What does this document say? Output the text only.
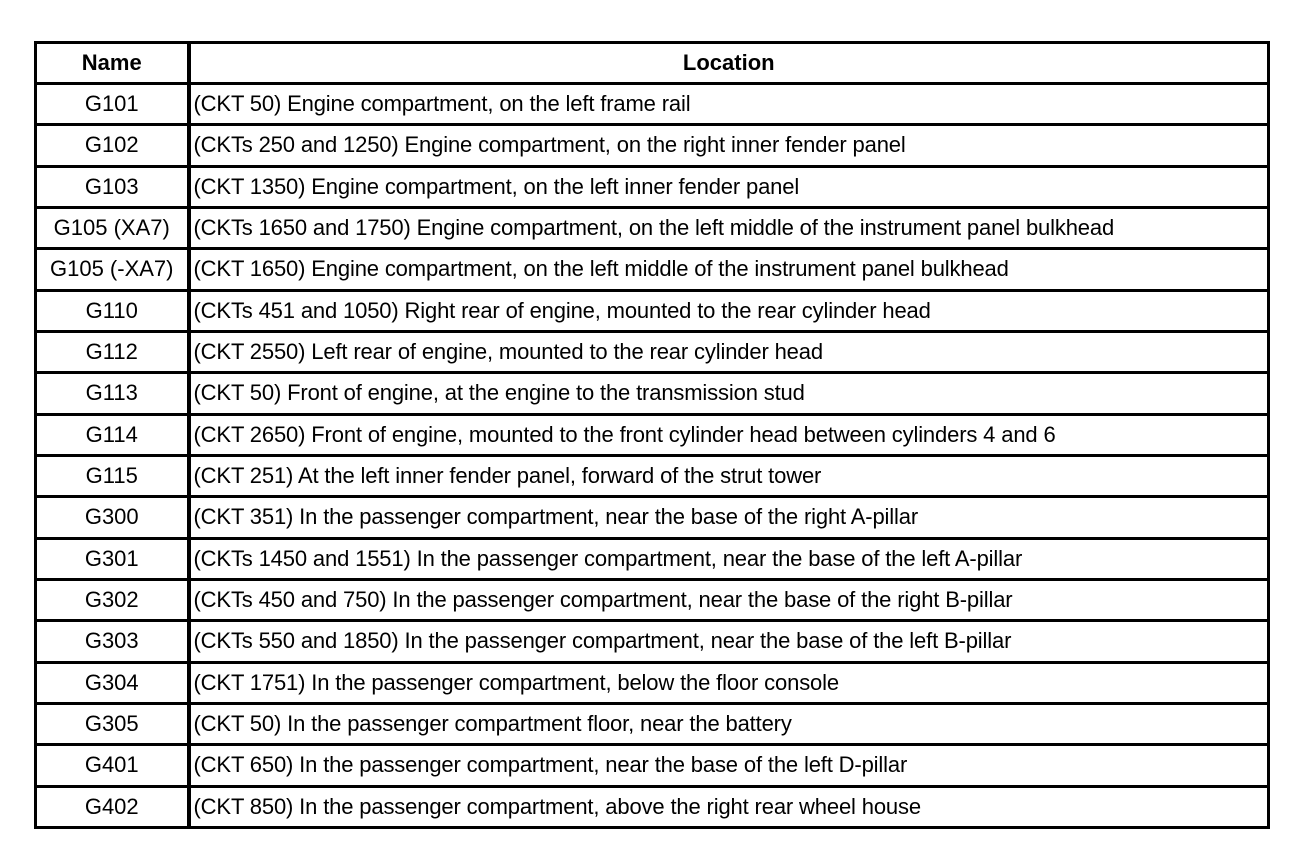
Name	Location
G101	(CKT 50) Engine compartment, on the left frame rail
G102	(CKTs 250 and 1250) Engine compartment, on the right inner fender panel
G103	(CKT 1350) Engine compartment, on the left inner fender panel
G105 (XA7)	(CKTs 1650 and 1750) Engine compartment, on the left middle of the instrument panel bulkhead
G105 (-XA7)	(CKT 1650) Engine compartment, on the left middle of the instrument panel bulkhead
G110	(CKTs 451 and 1050) Right rear of engine, mounted to the rear cylinder head
G112	(CKT 2550) Left rear of engine, mounted to the rear cylinder head
G113	(CKT 50) Front of engine, at the engine to the transmission stud
G114	(CKT 2650) Front of engine, mounted to the front cylinder head between cylinders 4 and 6
G115	(CKT 251) At the left inner fender panel, forward of the strut tower
G300	(CKT 351) In the passenger compartment, near the base of the right A-pillar
G301	(CKTs 1450 and 1551) In the passenger compartment, near the base of the left A-pillar
G302	(CKTs 450 and 750) In the passenger compartment, near the base of the right B-pillar
G303	(CKTs 550 and 1850) In the passenger compartment, near the base of the left B-pillar
G304	(CKT 1751) In the passenger compartment, below the floor console
G305	(CKT 50) In the passenger compartment floor, near the battery
G401	(CKT 650) In the passenger compartment, near the base of the left D-pillar
G402	(CKT 850) In the passenger compartment, above the right rear wheel house
